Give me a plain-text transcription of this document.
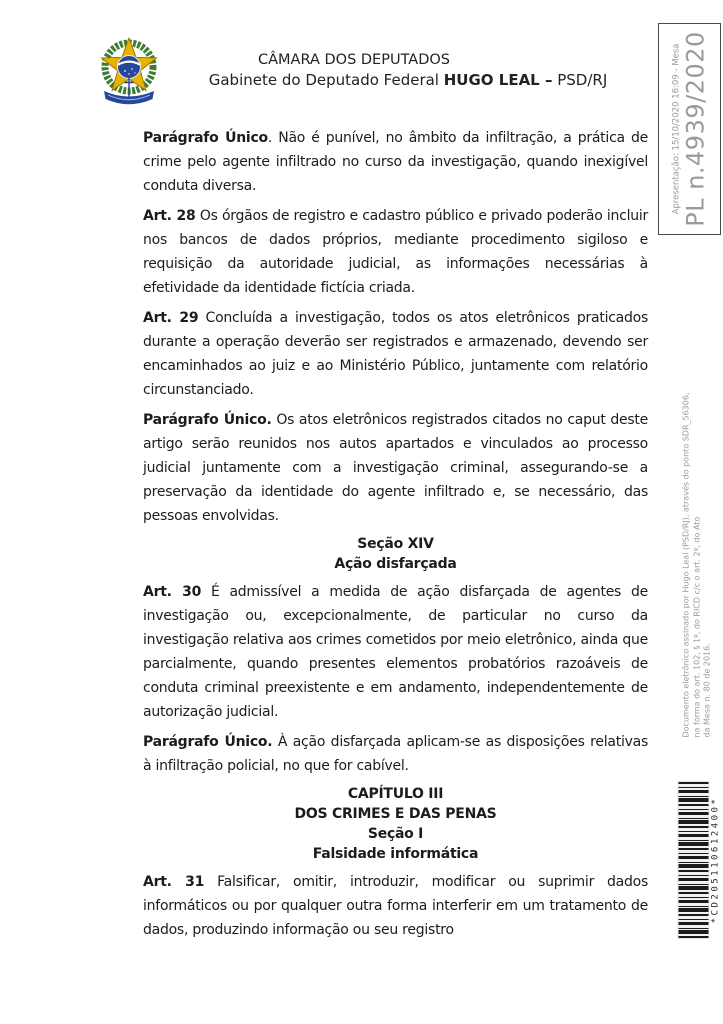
CÂMARA DOS DEPUTADOS
Gabinete do Deputado Federal HUGO LEAL – PSD/RJ

Parágrafo Único. Não é punível, no âmbito da infiltração, a prática de crime pelo agente infiltrado no curso da investigação, quando inexigível conduta diversa.

Art. 28 Os órgãos de registro e cadastro público e privado poderão incluir nos bancos de dados próprios, mediante procedimento sigiloso e requisição da autoridade judicial, as informações necessárias à efetividade da identidade fictícia criada.

Art. 29 Concluída a investigação, todos os atos eletrônicos praticados durante a operação deverão ser registrados e armazenado, devendo ser encaminhados ao juiz e ao Ministério Público, juntamente com relatório circunstanciado.

Parágrafo Único. Os atos eletrônicos registrados citados no caput deste artigo serão reunidos nos autos apartados e vinculados ao processo judicial juntamente com a investigação criminal, assegurando-se a preservação da identidade do agente infiltrado e, se necessário, das pessoas envolvidas.

Seção XIV
Ação disfarçada

Art. 30 É admissível a medida de ação disfarçada de agentes de investigação ou, excepcionalmente, de particular no curso da investigação relativa aos crimes cometidos por meio eletrônico, ainda que parcialmente, quando presentes elementos probatórios razoáveis de conduta criminal preexistente e em andamento, independentemente de autorização judicial.

Parágrafo Único. À ação disfarçada aplicam-se as disposições relativas à infiltração policial, no que for cabível.

CAPÍTULO III
DOS CRIMES E DAS PENAS
Seção I
Falsidade informática

Art. 31 Falsificar, omitir, introduzir, modificar ou suprimir dados informáticos ou por qualquer outra forma interferir em um tratamento de dados, produzindo informação ou seu registro

Apresentação: 15/10/2020 16:09 - Mesa PL n.4939/2020
Documento eletrônico assinado por Hugo Leal (PSD/RJ), através do ponto SDR_56306, na forma do art. 102, § 1º, do RICD c/c o art. 2º, do Ato da Mesa n. 80 de 2016.
*CD205110612400*
